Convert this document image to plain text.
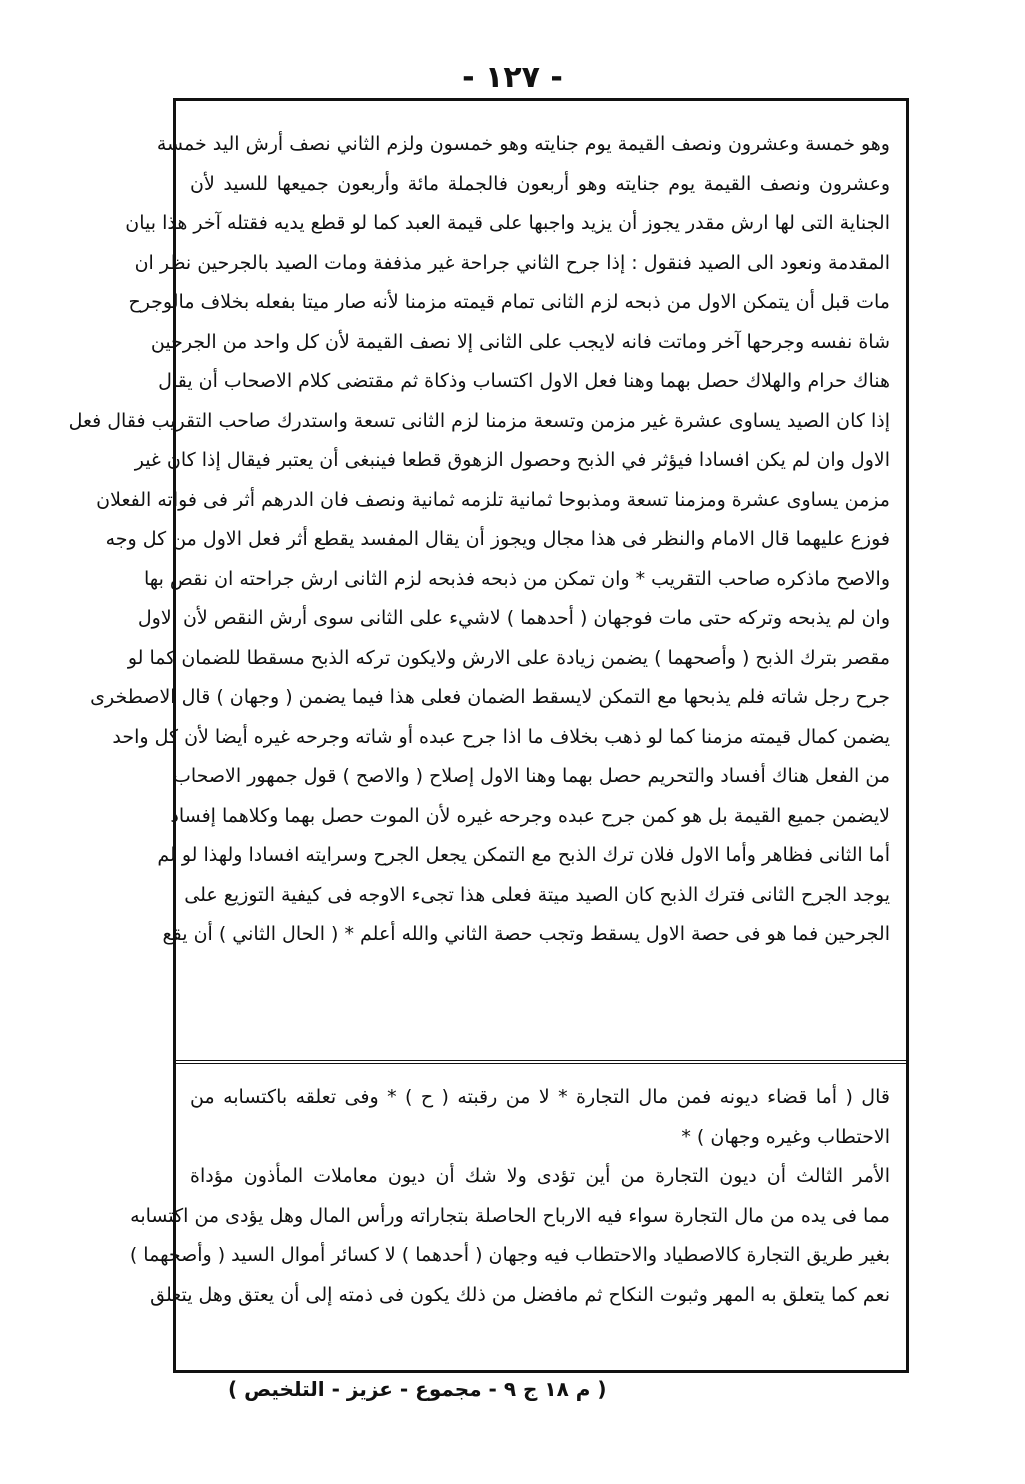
- ١٢٧ -
وهو خمسة وعشرون ونصف القيمة يوم جنايته وهو خمسون ولزم الثاني نصف أرش اليد خمسة
وعشرون ونصف القيمة يوم جنايته وهو أربعون فالجملة مائة وأربعون جميعها للسيد لأن
الجناية التى لها ارش مقدر يجوز أن يزيد واجبها على قيمة العبد كما لو قطع يديه فقتله آخر هذا بيان
المقدمة ونعود الى الصيد فنقول : إذا جرح الثاني جراحة غير مذففة ومات الصيد بالجرحين نظر ان
مات قبل أن يتمكن الاول من ذبحه لزم الثانى تمام قيمته مزمنا لأنه صار ميتا بفعله بخلاف مالوجرح
شاة نفسه وجرحها آخر وماتت فانه لايجب على الثانى إلا نصف القيمة لأن كل واحد من الجرحين
هناك حرام والهلاك حصل بهما وهنا فعل الاول اكتساب وذكاة ثم مقتضى كلام الاصحاب أن يقال
إذا كان الصيد يساوى عشرة غير مزمن وتسعة مزمنا لزم الثانى تسعة واستدرك صاحب التقريب فقال فعل
الاول وان لم يكن افسادا فيؤثر في الذبح وحصول الزهوق قطعا فينبغى أن يعتبر فيقال إذا كان غير
مزمن يساوى عشرة ومزمنا تسعة ومذبوحا ثمانية تلزمه ثمانية ونصف فان الدرهم أثر فى فواته الفعلان
فوزع عليهما قال الامام والنظر فى هذا مجال ويجوز أن يقال المفسد يقطع أثر فعل الاول من كل وجه
والاصح ماذكره صاحب التقريب * وان تمكن من ذبحه فذبحه لزم الثانى ارش جراحته ان نقص بها
وان لم يذبحه وتركه حتى مات فوجهان ( أحدهما ) لاشيء على الثانى سوى أرش النقص لأن الاول
مقصر بترك الذبح ( وأصحهما ) يضمن زيادة على الارش ولايكون تركه الذبح مسقطا للضمان كما لو
جرح رجل شاته فلم يذبحها مع التمكن لايسقط الضمان فعلى هذا فيما يضمن ( وجهان ) قال الاصطخرى
يضمن كمال قيمته مزمنا كما لو ذهب بخلاف ما اذا جرح عبده أو شاته وجرحه غيره أيضا لأن كل واحد
من الفعل هناك أفساد والتحريم حصل بهما وهنا الاول إصلاح ( والاصح ) قول جمهور الاصحاب
لايضمن جميع القيمة بل هو كمن جرح عبده وجرحه غيره لأن الموت حصل بهما وكلاهما إفساد
أما الثانى فظاهر وأما الاول فلان ترك الذبح مع التمكن يجعل الجرح وسرايته افسادا ولهذا لو لم
يوجد الجرح الثانى فترك الذبح كان الصيد ميتة فعلى هذا تجىء الاوجه فى كيفية التوزيع على
الجرحين فما هو فى حصة الاول يسقط وتجب حصة الثاني والله أعلم * ( الحال الثاني ) أن يقع
قال ( أما قضاء ديونه فمن مال التجارة * لا من رقبته ( ح ) * وفى تعلقه باكتسابه من
الاحتطاب وغيره وجهان ) *
الأمر الثالث أن ديون التجارة من أين تؤدى ولا شك أن ديون معاملات المأذون مؤداة
مما فى يده من مال التجارة سواء فيه الارباح الحاصلة بتجاراته ورأس المال وهل يؤدى من اكتسابه
بغير طريق التجارة كالاصطياد والاحتطاب فيه وجهان ( أحدهما ) لا كسائر أموال السيد ( وأصحهما )
نعم كما يتعلق به المهر وثبوت النكاح ثم مافضل من ذلك يكون فى ذمته إلى أن يعتق وهل يتعلق
( م ١٨ ج ٩ - مجموع - عزيز - التلخيص )
